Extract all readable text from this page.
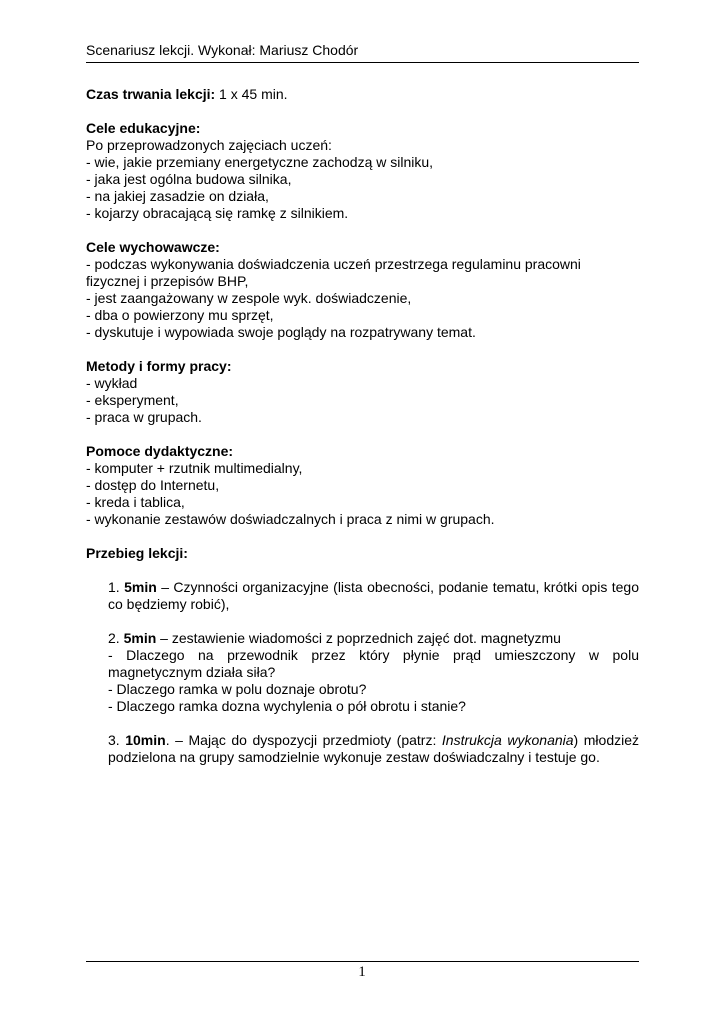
Scenariusz lekcji. Wykonał: Mariusz Chodór
Czas trwania lekcji: 1 x 45 min.
Cele edukacyjne:
Po przeprowadzonych zajęciach uczeń:
- wie, jakie przemiany energetyczne zachodzą w silniku,
- jaka jest ogólna budowa silnika,
- na jakiej zasadzie on działa,
- kojarzy obracającą się ramkę z silnikiem.
Cele wychowawcze:
- podczas wykonywania doświadczenia uczeń przestrzega regulaminu pracowni
fizycznej i przepisów BHP,
- jest zaangażowany w zespole wyk. doświadczenie,
- dba o powierzony mu sprzęt,
- dyskutuje i wypowiada swoje poglądy na rozpatrywany temat.
Metody i formy pracy:
- wykład
- eksperyment,
- praca w grupach.
Pomoce dydaktyczne:
- komputer + rzutnik multimedialny,
- dostęp do Internetu,
- kreda i tablica,
- wykonanie zestawów doświadczalnych i praca z nimi w grupach.
Przebieg lekcji:

1. 5min – Czynności organizacyjne (lista obecności, podanie tematu, krótki opis tego co będziemy robić),

2. 5min – zestawienie wiadomości z poprzednich zajęć dot. magnetyzmu

- Dlaczego na przewodnik przez który płynie prąd umieszczony w polu magnetycznym działa siła?

- Dlaczego ramka w polu doznaje obrotu?

- Dlaczego ramka dozna wychylenia o pół obrotu i stanie?

3. 10min. – Mając do dyspozycji przedmioty (patrz: Instrukcja wykonania) młodzież podzielona na grupy samodzielnie wykonuje zestaw doświadczalny i testuje go.

1
